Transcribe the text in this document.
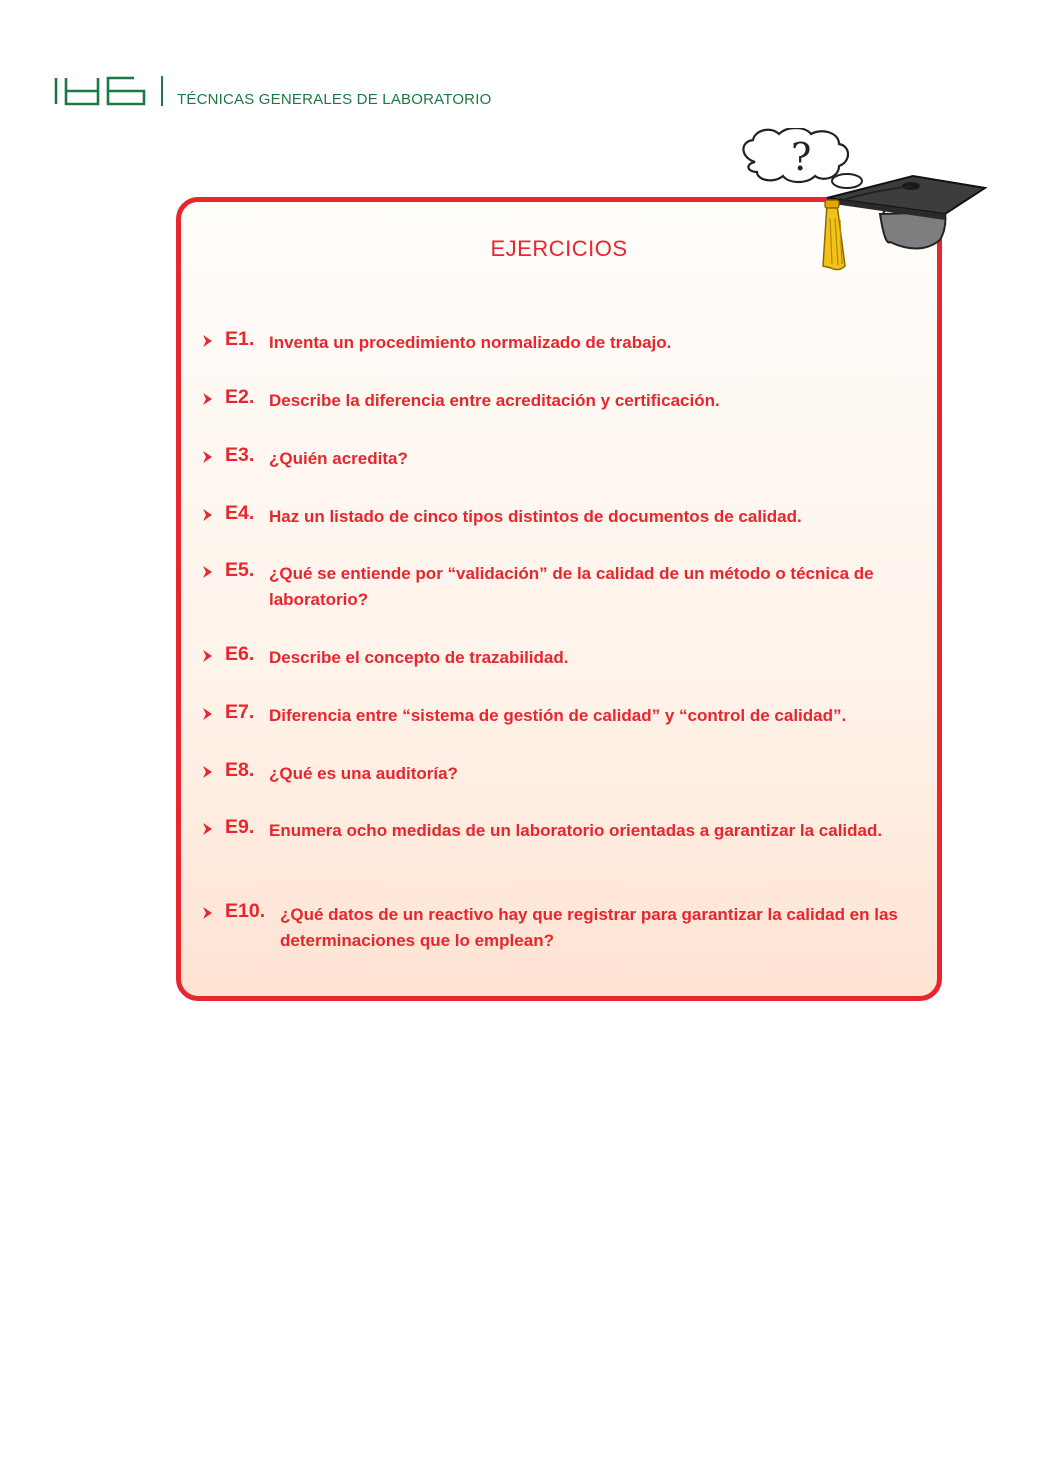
TÉCNICAS GENERALES DE LABORATORIO
EJERCICIOS
E1. Inventa un procedimiento normalizado de trabajo.
E2. Describe la diferencia entre acreditación y certificación.
E3. ¿Quién acredita?
E4. Haz un listado de cinco tipos distintos de documentos de calidad.
E5. ¿Qué se entiende por “validación” de la calidad de un método o técnica de laboratorio?
E6. Describe el concepto de trazabilidad.
E7. Diferencia entre “sistema de gestión de calidad” y “control de calidad”.
E8. ¿Qué es una auditoría?
E9. Enumera ocho medidas de un laboratorio orientadas a garantizar la calidad.
E10. ¿Qué datos de un reactivo hay que registrar para garantizar la calidad en las determinaciones que lo emplean?
?
